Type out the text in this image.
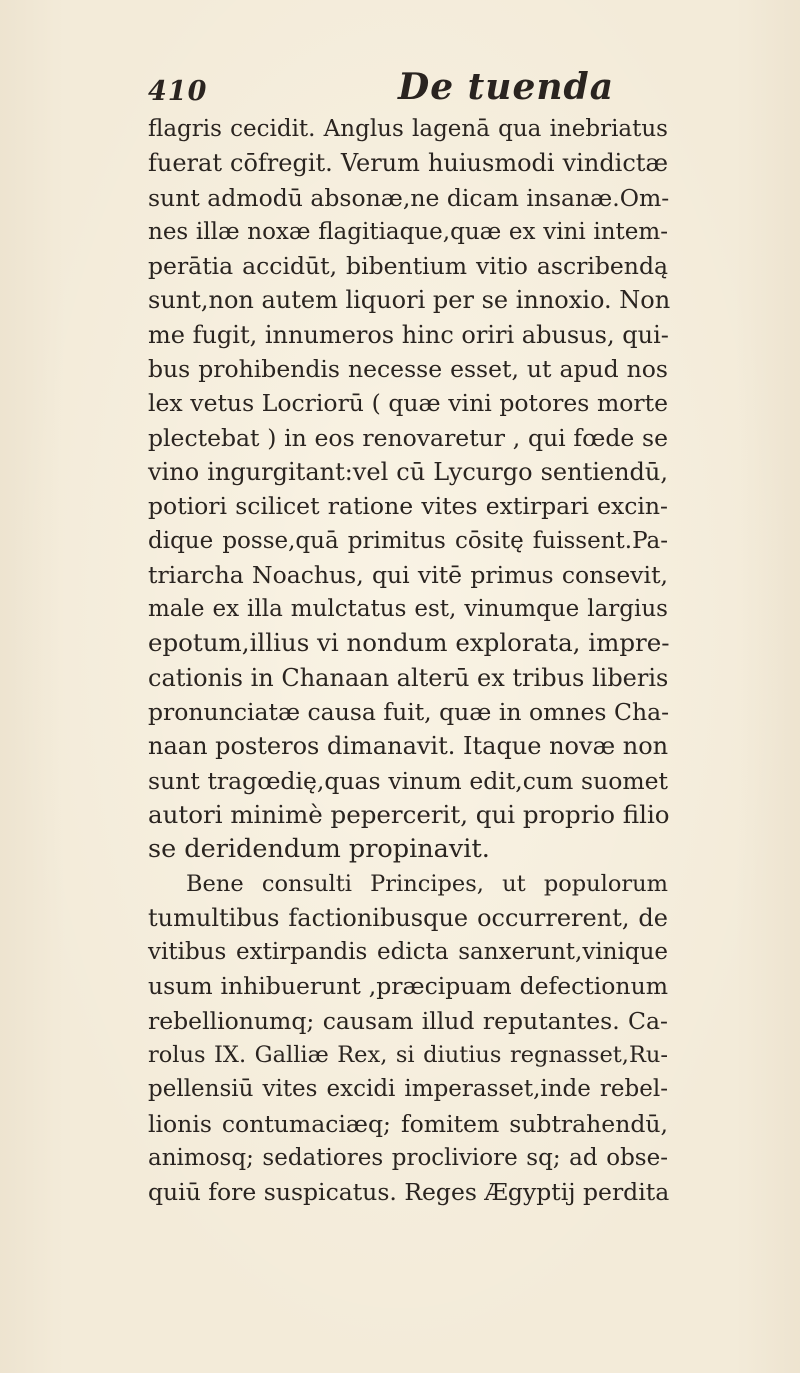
410	De tuenda
flagris cecidit. Anglus lagenā qua inebriatus
fuerat cōfregit. Verum huiusmodi vindictæ
sunt admodū absonæ,ne dicam insanæ.Om-
nes illæ noxæ flagitiaque,quæ ex vini intem-
perātia accidūt, bibentium vitio ascribendą
sunt,non autem liquori per se innoxio. Non
me fugit, innumeros hinc oriri abusus, qui-
bus prohibendis necesse esset, ut apud nos
lex vetus Locriorū ( quæ vini potores morte
plectebat ) in eos renovaretur , qui fœde se
vino ingurgitant:vel cū Lycurgo sentiendū,
potiori scilicet ratione vites extirpari excin-
dique posse,quā primitus cōsitę fuissent.Pa-
triarcha Noachus, qui vitē primus consevit,
male ex illa mulctatus est, vinumque largius
epotum,illius vi nondum explorata, impre-
cationis in Chanaan alterū ex tribus liberis
pronunciatæ causa fuit, quæ in omnes Cha-
naan posteros dimanavit. Itaque novæ non
sunt tragœdię,quas vinum edit,cum suomet
autori minimè pepercerit, qui proprio filio
se deridendum propinavit.
Bene consulti Principes, ut populorum
tumultibus factionibusque occurrerent, de
vitibus extirpandis edicta sanxerunt,vinique
usum inhibuerunt ,præcipuam defectionum
rebellionumq; causam illud reputantes. Ca-
rolus IX. Galliæ Rex, si diutius regnasset,Ru-
pellensiū vites excidi imperasset,inde rebel-
lionis contumaciæq; fomitem subtrahendū,
animosq; sedatiores procliviore sq; ad obse-
quiū fore suspicatus. Reges Ægyptij perdita
